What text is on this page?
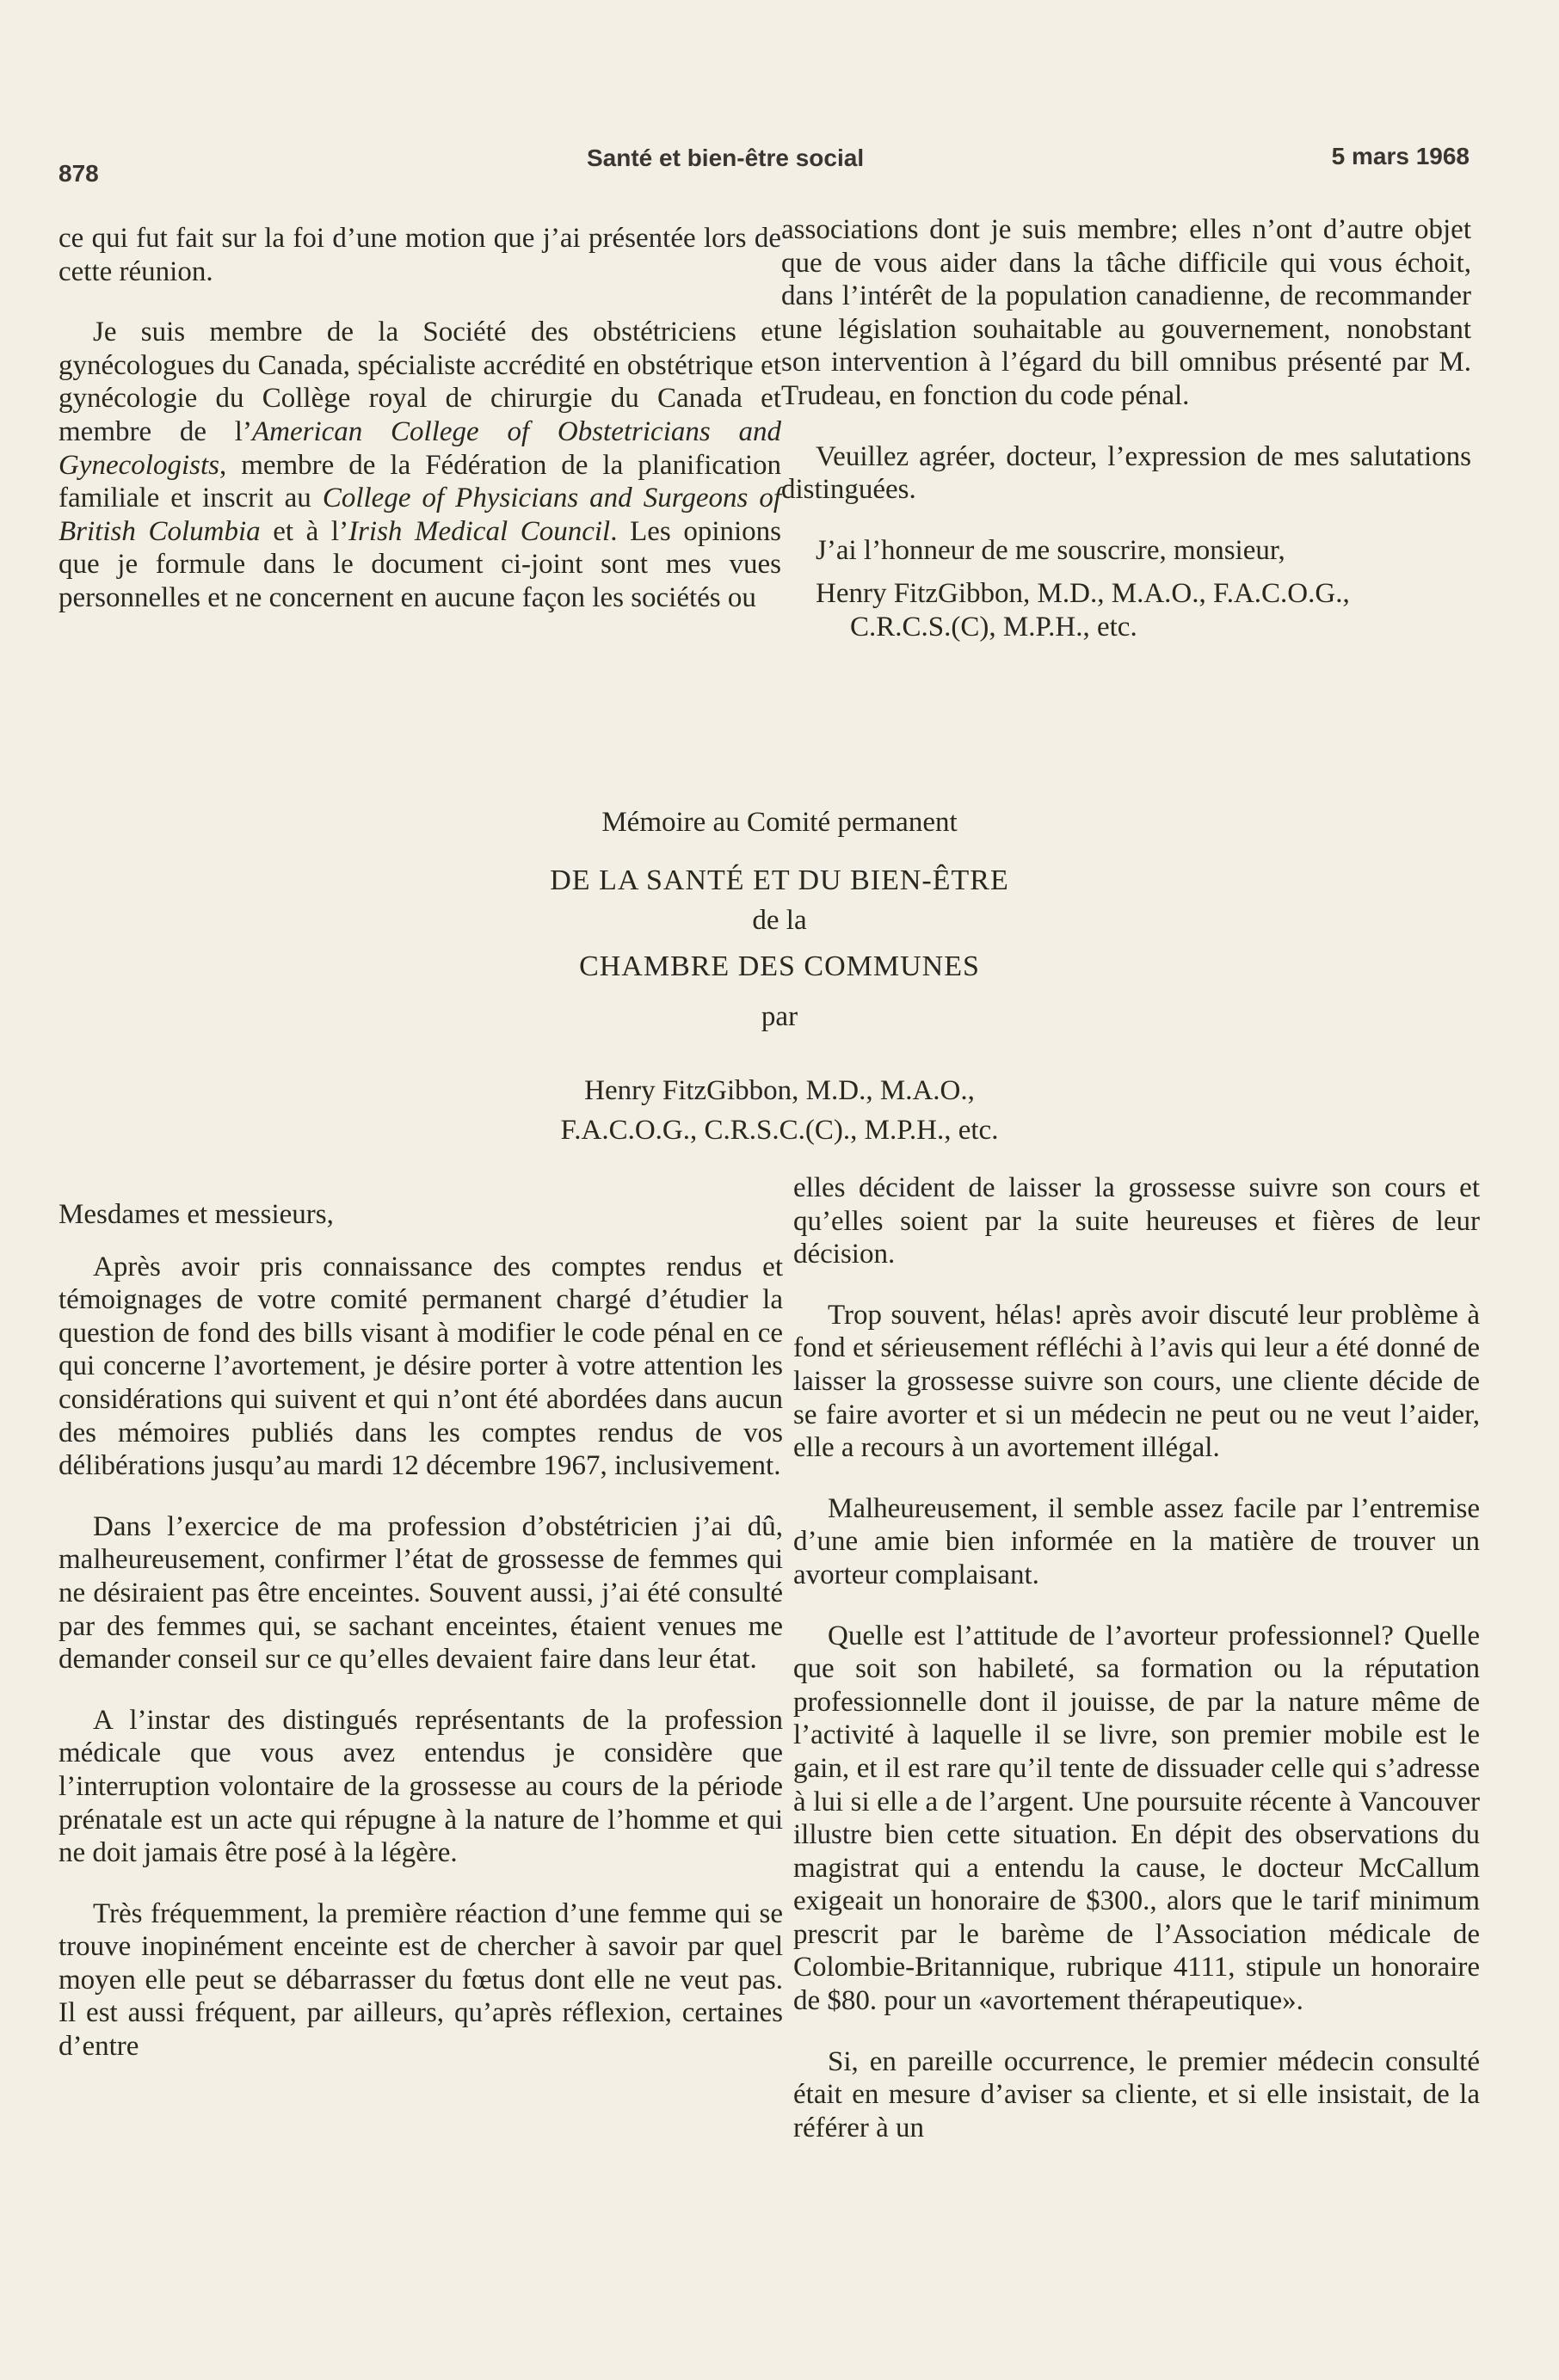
878
Santé et bien-être social	5 mars 1968

ce qui fut fait sur la foi d’une motion que j’ai présentée lors de cette réunion.

Je suis membre de la Société des obstétriciens et gynécologues du Canada, spécialiste accrédité en obstétrique et gynécologie du Collège royal de chirurgie du Canada et membre de l’American College of Obstetricians and Gynecologists, membre de la Fédération de la planification familiale et inscrit au College of Physicians and Surgeons of British Columbia et à l’Irish Medical Council. Les opinions que je formule dans le document ci-joint sont mes vues personnelles et ne concernent en aucune façon les sociétés ou

associations dont je suis membre; elles n’ont d’autre objet que de vous aider dans la tâche difficile qui vous échoit, dans l’intérêt de la population canadienne, de recommander une législation souhaitable au gouvernement, nonobstant son intervention à l’égard du bill omnibus présenté par M. Trudeau, en fonction du code pénal.

Veuillez agréer, docteur, l’expression de mes salutations distinguées.

J’ai l’honneur de me souscrire, monsieur,

Henry FitzGibbon, M.D., M.A.O., F.A.C.O.G.,

C.R.C.S.(C), M.P.H., etc.

Mémoire au Comité permanent
DE LA SANTÉ ET DU BIEN-ÊTRE
de la
CHAMBRE DES COMMUNES
par
Henry FitzGibbon, M.D., M.A.O.,
F.A.C.O.G., C.R.S.C.(C)., M.P.H., etc.

Mesdames et messieurs,

Après avoir pris connaissance des comptes rendus et témoignages de votre comité permanent chargé d’étudier la question de fond des bills visant à modifier le code pénal en ce qui concerne l’avortement, je désire porter à votre attention les considérations qui suivent et qui n’ont été abordées dans aucun des mémoires publiés dans les comptes rendus de vos délibérations jusqu’au mardi 12 décembre 1967, inclusivement.

Dans l’exercice de ma profession d’obstétricien j’ai dû, malheureusement, confirmer l’état de grossesse de femmes qui ne désiraient pas être enceintes. Souvent aussi, j’ai été consulté par des femmes qui, se sachant enceintes, étaient venues me demander conseil sur ce qu’elles devaient faire dans leur état.

A l’instar des distingués représentants de la profession médicale que vous avez entendus je considère que l’interruption volontaire de la grossesse au cours de la période prénatale est un acte qui répugne à la nature de l’homme et qui ne doit jamais être posé à la légère.

Très fréquemment, la première réaction d’une femme qui se trouve inopinément enceinte est de chercher à savoir par quel moyen elle peut se débarrasser du fœtus dont elle ne veut pas. Il est aussi fréquent, par ailleurs, qu’après réflexion, certaines d’entre

elles décident de laisser la grossesse suivre son cours et qu’elles soient par la suite heureuses et fières de leur décision.

Trop souvent, hélas! après avoir discuté leur problème à fond et sérieusement réfléchi à l’avis qui leur a été donné de laisser la grossesse suivre son cours, une cliente décide de se faire avorter et si un médecin ne peut ou ne veut l’aider, elle a recours à un avortement illégal.

Malheureusement, il semble assez facile par l’entremise d’une amie bien informée en la matière de trouver un avorteur complaisant.

Quelle est l’attitude de l’avorteur professionnel? Quelle que soit son habileté, sa formation ou la réputation professionnelle dont il jouisse, de par la nature même de l’activité à laquelle il se livre, son premier mobile est le gain, et il est rare qu’il tente de dissuader celle qui s’adresse à lui si elle a de l’argent. Une poursuite récente à Vancouver illustre bien cette situation. En dépit des observations du magistrat qui a entendu la cause, le docteur McCallum exigeait un honoraire de $300., alors que le tarif minimum prescrit par le barème de l’Association médicale de Colombie-Britannique, rubrique 4111, stipule un honoraire de $80. pour un «avortement thérapeutique».

Si, en pareille occurrence, le premier médecin consulté était en mesure d’aviser sa cliente, et si elle insistait, de la référer à un
